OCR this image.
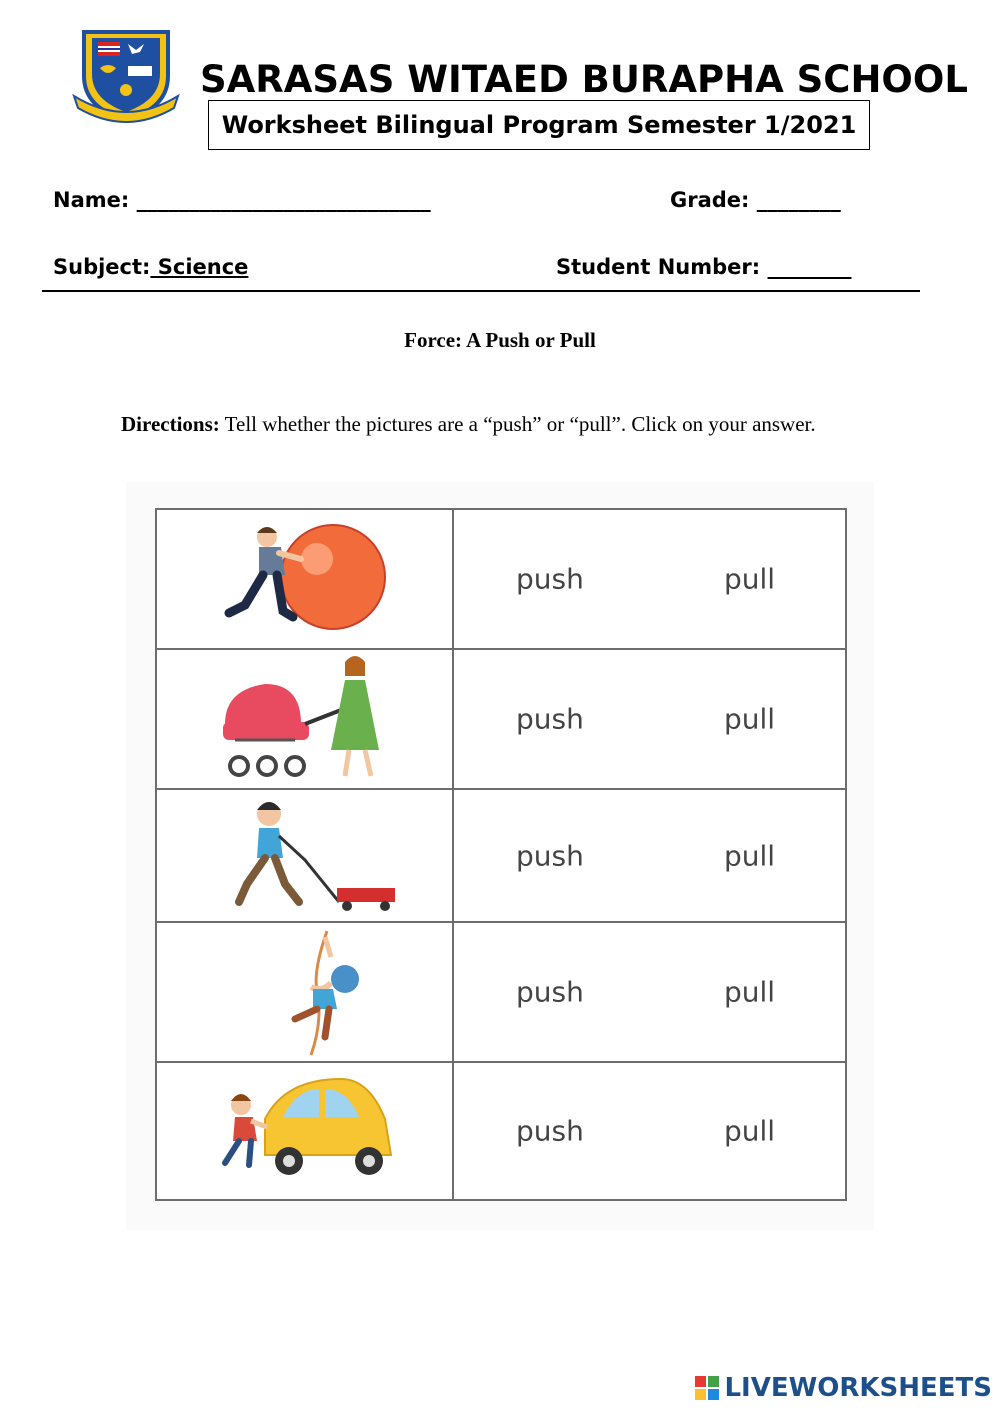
SARASAS WITAED BURAPHA SCHOOL
Worksheet Bilingual Program Semester 1/2021
Name: ____________________________	Grade: ________
Subject: Science	Student Number: ________
Force: A Push or Pull
Directions: Tell whether the pictures are a “push” or “pull”. Click on your answer.

push pull

push pull

push pull

push pull

push pull
LIVEWORKSHEETS
